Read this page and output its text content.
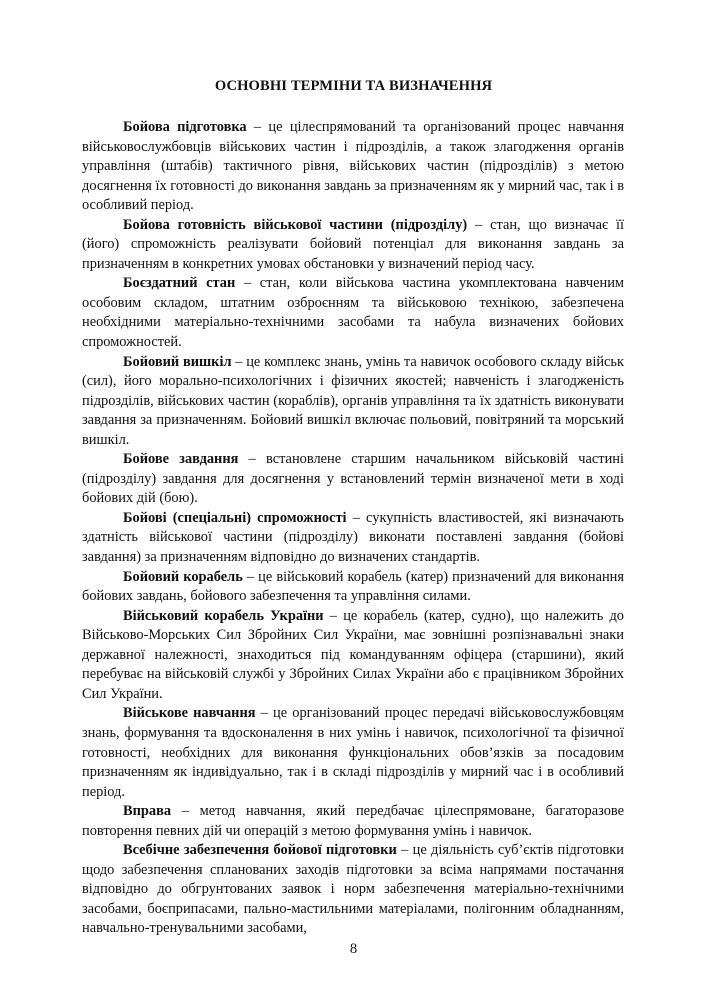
ОСНОВНІ ТЕРМІНИ ТА ВИЗНАЧЕННЯ

Бойова підготовка – це цілеспрямований та організований процес навчання військовослужбовців військових частин і підрозділів, а також злагодження органів управління (штабів) тактичного рівня, військових частин (підрозділів) з метою досягнення їх готовності до виконання завдань за призначенням як у мирний час, так і в особливий період.

Бойова готовність військової частини (підрозділу) – стан, що визначає її (його) спроможність реалізувати бойовий потенціал для виконання завдань за призначенням в конкретних умовах обстановки у визначений період часу.

Боєздатний стан – стан, коли військова частина укомплектована навченим особовим складом, штатним озброєнням та військовою технікою, забезпечена необхідними матеріально-технічними засобами та набула визначених бойових спроможностей.

Бойовий вишкіл – це комплекс знань, умінь та навичок особового складу військ (сил), його морально-психологічних і фізичних якостей; навченість і злагодженість підрозділів, військових частин (кораблів), органів управління та їх здатність виконувати завдання за призначенням. Бойовий вишкіл включає польовий, повітряний та морський вишкіл.

Бойове завдання – встановлене старшим начальником військовій частині (підрозділу) завдання для досягнення у встановлений термін визначеної мети в ході бойових дій (бою).

Бойові (спеціальні) спроможності – сукупність властивостей, які визначають здатність військової частини (підрозділу) виконати поставлені завдання (бойові завдання) за призначенням відповідно до визначених стандартів.

Бойовий корабель – це військовий корабель (катер) призначений для виконання бойових завдань, бойового забезпечення та управління силами.

Військовий корабель України – це корабель (катер, судно), що належить до Військово-Морських Сил Збройних Сил України, має зовнішні розпізнавальні знаки державної належності, знаходиться під командуванням офіцера (старшини), який перебуває на військовій службі у Збройних Силах України або є працівником Збройних Сил України.

Військове навчання – це організований процес передачі військовослужбовцям знань, формування та вдосконалення в них умінь і навичок, психологічної та фізичної готовності, необхідних для виконання функціональних обов’язків за посадовим призначенням як індивідуально, так і в складі підрозділів у мирний час і в особливий період.

Вправа – метод навчання, який передбачає цілеспрямоване, багаторазове повторення певних дій чи операцій з метою формування умінь і навичок.

Всебічне забезпечення бойової підготовки – це діяльність суб’єктів підготовки щодо забезпечення спланованих заходів підготовки за всіма напрямами постачання відповідно до обгрунтованих заявок і норм забезпечення матеріально-технічними засобами, боєприпасами, пально-мастильними матеріалами, полігонним обладнанням, навчально-тренувальними засобами,

8
